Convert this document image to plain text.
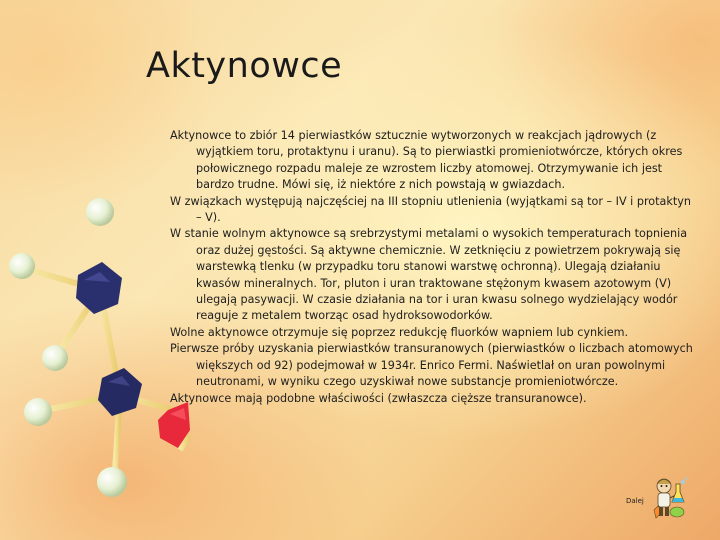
Aktynowce

Aktynowce to zbiór 14 pierwiastków sztucznie wytworzonych w reakcjach jądrowych (z wyjątkiem toru, protaktynu i uranu). Są to pierwiastki promieniotwórcze, których okres połowicznego rozpadu maleje ze wzrostem liczby atomowej. Otrzymywanie ich jest bardzo trudne. Mówi się, iż niektóre z nich powstają w gwiazdach.

W związkach występują najczęściej na III stopniu utlenienia (wyjątkami są tor – IV i protaktyn – V).

W stanie wolnym aktynowce są srebrzystymi metalami o wysokich temperaturach topnienia oraz dużej gęstości. Są aktywne chemicznie. W zetknięciu z powietrzem pokrywają się warstewką tlenku (w przypadku toru stanowi warstwę ochronną). Ulegają działaniu kwasów mineralnych. Tor, pluton i uran traktowane stężonym kwasem azotowym (V) ulegają pasywacji. W czasie działania na tor i uran kwasu solnego wydzielający wodór reaguje z metalem tworząc osad hydroksowodorków.

Wolne aktynowce otrzymuje się poprzez redukcję fluorków wapniem lub cynkiem.

Pierwsze próby uzyskania pierwiastków transuranowych (pierwiastków o liczbach atomowych większych od 92) podejmował w 1934r. Enrico Fermi. Naświetlał on uran powolnymi neutronami, w wyniku czego uzyskiwał nowe substancje promieniotwórcze.

Aktynowce mają podobne właściwości (zwłaszcza cięższe transuranowce).

Dalej
